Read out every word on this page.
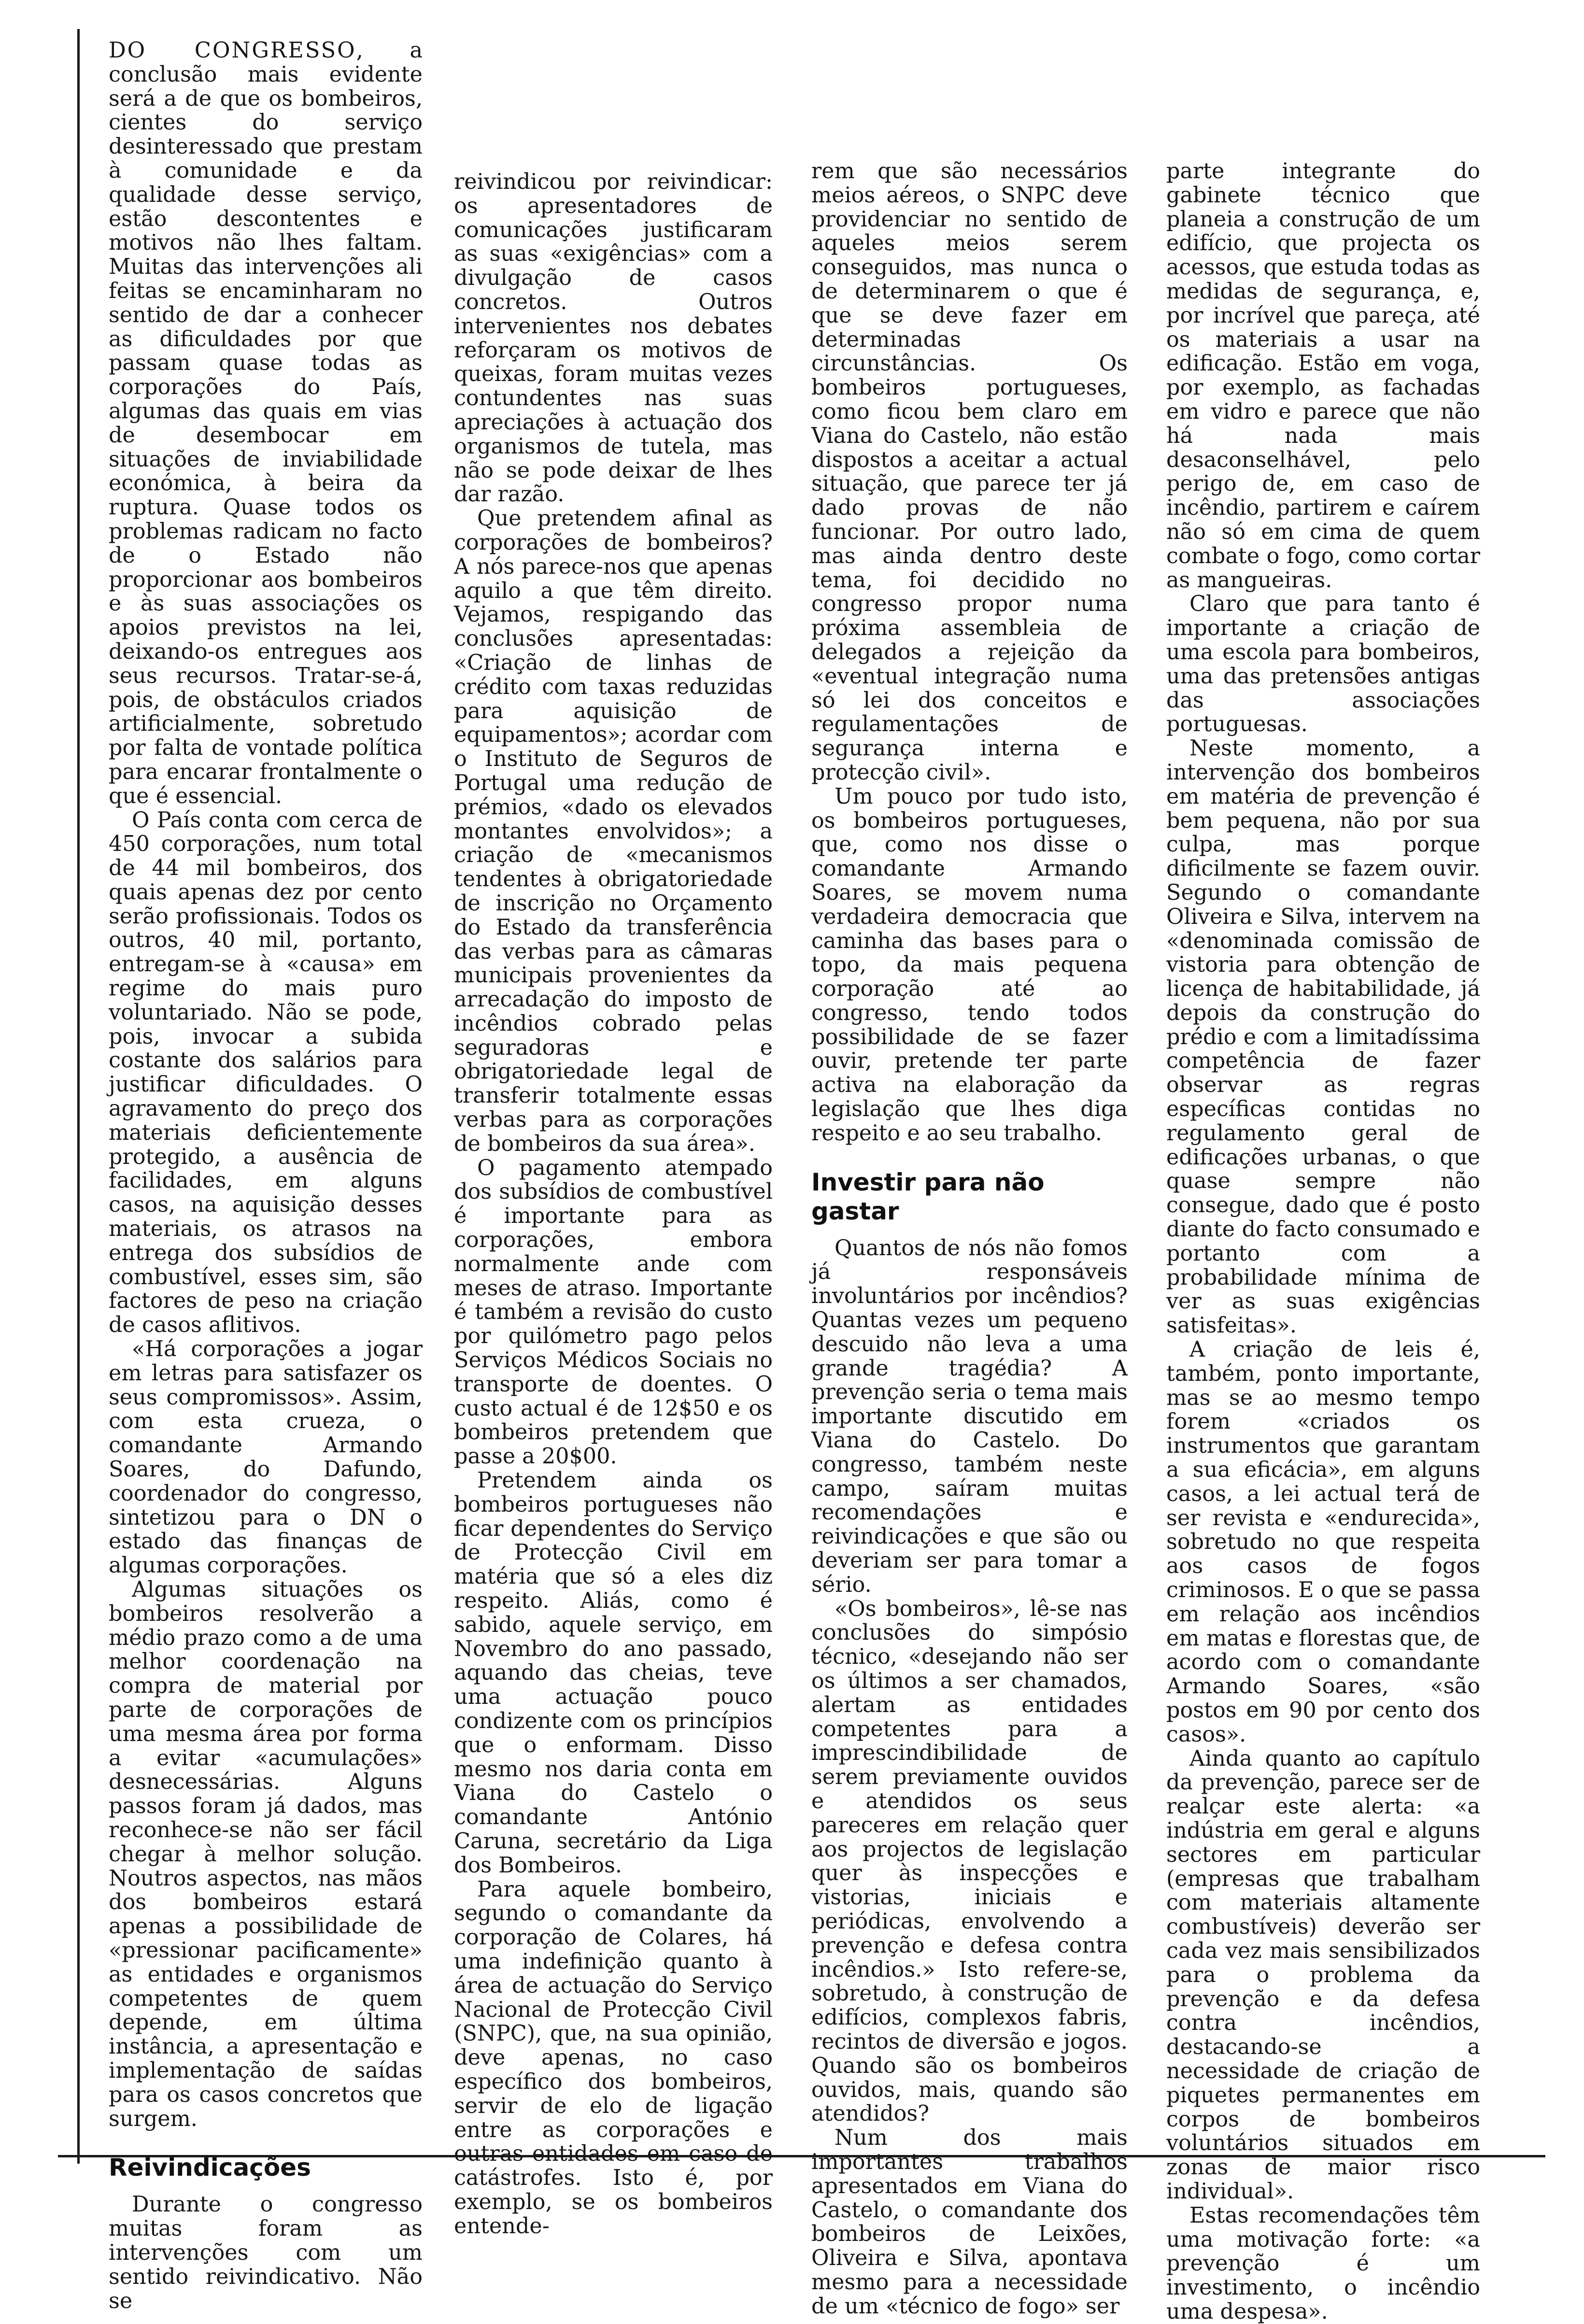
DO CONGRESSO, a conclusão mais evidente será a de que os bombeiros, cientes do serviço desinteressado que prestam à comunidade e da qualidade desse serviço, estão descontentes e motivos não lhes faltam. Muitas das intervenções ali feitas se encaminharam no sentido de dar a conhecer as dificuldades por que passam quase todas as corporações do País, algumas das quais em vias de desembocar em situações de inviabilidade económica, à beira da ruptura. Quase todos os problemas radicam no facto de o Estado não proporcionar aos bombeiros e às suas associações os apoios previstos na lei, deixando-os entregues aos seus recursos. Tratar-se-á, pois, de obstáculos criados artificialmente, sobretudo por falta de vontade política para encarar frontalmente o que é essencial.

O País conta com cerca de 450 corporações, num total de 44 mil bombeiros, dos quais apenas dez por cento serão profissionais. Todos os outros, 40 mil, portanto, entregam-se à «causa» em regime do mais puro voluntariado. Não se pode, pois, invocar a subida costante dos salários para justificar dificuldades. O agravamento do preço dos materiais deficientemente protegido, a ausência de facilidades, em alguns casos, na aquisição desses materiais, os atrasos na entrega dos subsídios de combustível, esses sim, são factores de peso na criação de casos aflitivos.

«Há corporações a jogar em letras para satisfazer os seus compromissos». Assim, com esta crueza, o comandante Armando Soares, do Dafundo, coordenador do congresso, sintetizou para o DN o estado das finanças de algumas corporações.

Algumas situações os bombeiros resolverão a médio prazo como a de uma melhor coordenação na compra de material por parte de corporações de uma mesma área por forma a evitar «acumulações» desnecessárias. Alguns passos foram já dados, mas reconhece-se não ser fácil chegar à melhor solução. Noutros aspectos, nas mãos dos bombeiros estará apenas a possibilidade de «pressionar pacificamente» as entidades e organismos competentes de quem depende, em última instância, a apresentação e implementação de saídas para os casos concretos que surgem.

Reivindicações

Durante o congresso muitas foram as intervenções com um sentido reivindicativo. Não se

reivindicou por reivindicar: os apresentadores de comunicações justificaram as suas «exigências» com a divulgação de casos concretos. Outros intervenientes nos debates reforçaram os motivos de queixas, foram muitas vezes contundentes nas suas apreciações à actuação dos organismos de tutela, mas não se pode deixar de lhes dar razão.

Que pretendem afinal as corporações de bombeiros? A nós parece-nos que apenas aquilo a que têm direito. Vejamos, respigando das conclusões apresentadas: «Criação de linhas de crédito com taxas reduzidas para aquisição de equipamentos»; acordar com o Instituto de Seguros de Portugal uma redução de prémios, «dado os elevados montantes envolvidos»; a criação de «mecanismos tendentes à obrigatoriedade de inscrição no Orçamento do Estado da transferência das verbas para as câmaras municipais provenientes da arrecadação do imposto de incêndios cobrado pelas seguradoras e obrigatoriedade legal de transferir totalmente essas verbas para as corporações de bombeiros da sua área».

O pagamento atempado dos subsídios de combustível é importante para as corporações, embora normalmente ande com meses de atraso. Importante é também a revisão do custo por quilómetro pago pelos Serviços Médicos Sociais no transporte de doentes. O custo actual é de 12$50 e os bombeiros pretendem que passe a 20$00.

Pretendem ainda os bombeiros portugueses não ficar dependentes do Serviço de Protecção Civil em matéria que só a eles diz respeito. Aliás, como é sabido, aquele serviço, em Novembro do ano passado, aquando das cheias, teve uma actuação pouco condizente com os princípios que o enformam. Disso mesmo nos daria conta em Viana do Castelo o comandante António Caruna, secretário da Liga dos Bombeiros.

Para aquele bombeiro, segundo o comandante da corporação de Colares, há uma indefinição quanto à área de actuação do Serviço Nacional de Protecção Civil (SNPC), que, na sua opinião, deve apenas, no caso específico dos bombeiros, servir de elo de ligação entre as corporações e outras entidades em caso de catástrofes. Isto é, por exemplo, se os bombeiros entende-

rem que são necessários meios aéreos, o SNPC deve providenciar no sentido de aqueles meios serem conseguidos, mas nunca o de determinarem o que é que se deve fazer em determinadas circunstâncias. Os bombeiros portugueses, como ficou bem claro em Viana do Castelo, não estão dispostos a aceitar a actual situação, que parece ter já dado provas de não funcionar. Por outro lado, mas ainda dentro deste tema, foi decidido no congresso propor numa próxima assembleia de delegados a rejeição da «eventual integração numa só lei dos conceitos e regulamentações de segurança interna e protecção civil».

Um pouco por tudo isto, os bombeiros portugueses, que, como nos disse o comandante Armando Soares, se movem numa verdadeira democracia que caminha das bases para o topo, da mais pequena corporação até ao congresso, tendo todos possibilidade de se fazer ouvir, pretende ter parte activa na elaboração da legislação que lhes diga respeito e ao seu trabalho.

Investir para não gastar

Quantos de nós não fomos já responsáveis involuntários por incêndios? Quantas vezes um pequeno descuido não leva a uma grande tragédia? A prevenção seria o tema mais importante discutido em Viana do Castelo. Do congresso, também neste campo, saíram muitas recomendações e reivindicações e que são ou deveriam ser para tomar a sério.

«Os bombeiros», lê-se nas conclusões do simpósio técnico, «desejando não ser os últimos a ser chamados, alertam as entidades competentes para a imprescindibilidade de serem previamente ouvidos e atendidos os seus pareceres em relação quer aos projectos de legislação quer às inspecções e vistorias, iniciais e periódicas, envolvendo a prevenção e defesa contra incêndios.» Isto refere-se, sobretudo, à construção de edifícios, complexos fabris, recintos de diversão e jogos. Quando são os bombeiros ouvidos, mais, quando são atendidos?

Num dos mais importantes trabalhos apresentados em Viana do Castelo, o comandante dos bombeiros de Leixões, Oliveira e Silva, apontava mesmo para a necessidade de um «técnico de fogo» ser

parte integrante do gabinete técnico que planeia a construção de um edifício, que projecta os acessos, que estuda todas as medidas de segurança, e, por incrível que pareça, até os materiais a usar na edificação. Estão em voga, por exemplo, as fachadas em vidro e parece que não há nada mais desaconselhável, pelo perigo de, em caso de incêndio, partirem e caírem não só em cima de quem combate o fogo, como cortar as mangueiras.

Claro que para tanto é importante a criação de uma escola para bombeiros, uma das pretensões antigas das associações portuguesas.

Neste momento, a intervenção dos bombeiros em matéria de prevenção é bem pequena, não por sua culpa, mas porque dificilmente se fazem ouvir. Segundo o comandante Oliveira e Silva, intervem na «denominada comissão de vistoria para obtenção de licença de habitabilidade, já depois da construção do prédio e com a limitadíssima competência de fazer observar as regras específicas contidas no regulamento geral de edificações urbanas, o que quase sempre não consegue, dado que é posto diante do facto consumado e portanto com a probabilidade mínima de ver as suas exigências satisfeitas».

A criação de leis é, também, ponto importante, mas se ao mesmo tempo forem «criados os instrumentos que garantam a sua eficácia», em alguns casos, a lei actual terá de ser revista e «endurecida», sobretudo no que respeita aos casos de fogos criminosos. E o que se passa em relação aos incêndios em matas e florestas que, de acordo com o comandante Armando Soares, «são postos em 90 por cento dos casos».

Ainda quanto ao capítulo da prevenção, parece ser de realçar este alerta: «a indústria em geral e alguns sectores em particular (empresas que trabalham com materiais altamente combustíveis) deverão ser cada vez mais sensibilizados para o problema da prevenção e da defesa contra incêndios, destacando-se a necessidade de criação de piquetes permanentes em corpos de bombeiros voluntários situados em zonas de maior risco individual».

Estas recomendações têm uma motivação forte: «a prevenção é um investimento, o incêndio uma despesa».
